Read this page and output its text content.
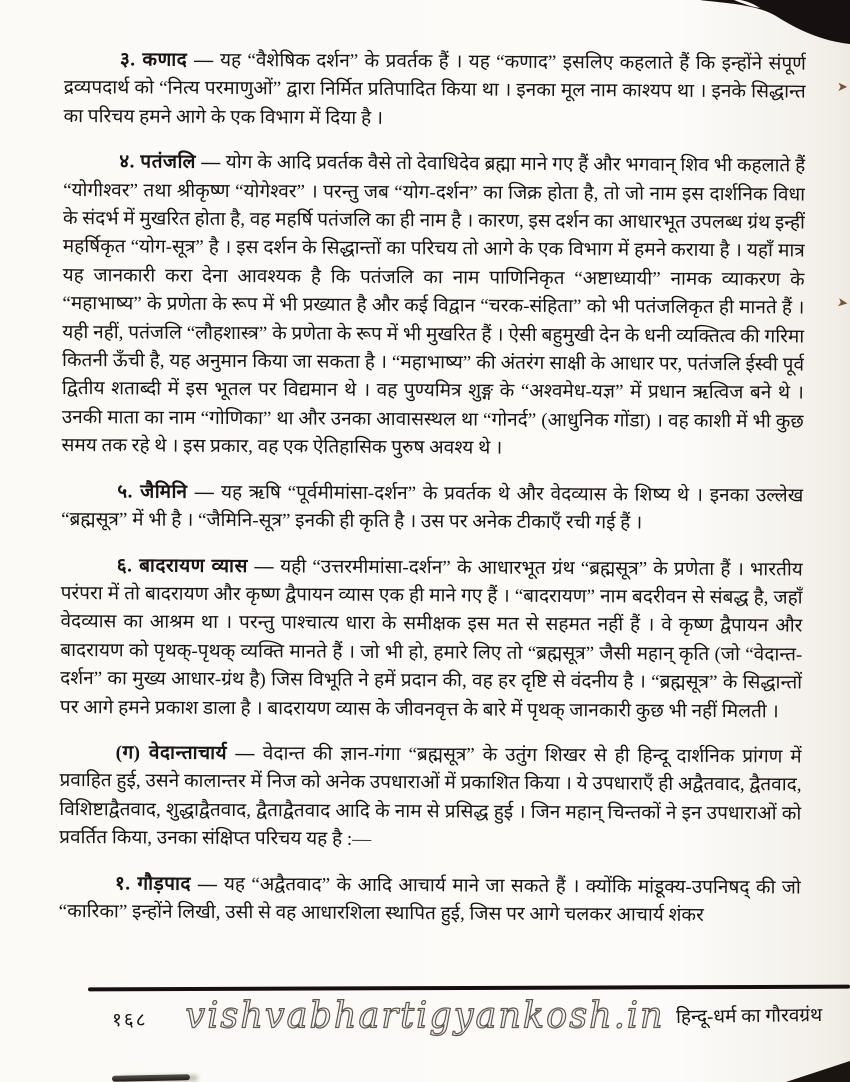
३. कणाद — यह “वैशेषिक दर्शन” के प्रवर्तक हैं । यह “कणाद” इसलिए कहलाते हैं कि इन्होंने संपूर्ण द्रव्यपदार्थ को “नित्य परमाणुओं” द्वारा निर्मित प्रतिपादित किया था । इनका मूल नाम काश्यप था । इनके सिद्धान्त का परिचय हमने आगे के एक विभाग में दिया है ।

४. पतंजलि — योग के आदि प्रवर्तक वैसे तो देवाधिदेव ब्रह्मा माने गए हैं और भगवान् शिव भी कहलाते हैं “योगीश्वर” तथा श्रीकृष्ण “योगेश्वर” । परन्तु जब “योग-दर्शन” का जिक्र होता है, तो जो नाम इस दार्शनिक विधा के संदर्भ में मुखरित होता है, वह महर्षि पतंजलि का ही नाम है । कारण, इस दर्शन का आधारभूत उपलब्ध ग्रंथ इन्हीं महर्षिकृत “योग-सूत्र” है । इस दर्शन के सिद्धान्तों का परिचय तो आगे के एक विभाग में हमने कराया है । यहाँ मात्र यह जानकारी करा देना आवश्यक है कि पतंजलि का नाम पाणिनिकृत “अष्टाध्यायी” नामक व्याकरण के “महाभाष्य” के प्रणेता के रूप में भी प्रख्यात है और कई विद्वान “चरक-संहिता” को भी पतंजलिकृत ही मानते हैं । यही नहीं, पतंजलि “लौहशास्त्र” के प्रणेता के रूप में भी मुखरित हैं । ऐसी बहुमुखी देन के धनी व्यक्तित्व की गरिमा कितनी ऊँची है, यह अनुमान किया जा सकता है । “महाभाष्य” की अंतरंग साक्षी के आधार पर, पतंजलि ईस्वी पूर्व द्वितीय शताब्दी में इस भूतल पर विद्यमान थे । वह पुण्यमित्र शुङ्ग के “अश्वमेध-यज्ञ” में प्रधान ऋत्विज बने थे । उनकी माता का नाम “गोणिका” था और उनका आवासस्थल था “गोनर्द” (आधुनिक गोंडा) । वह काशी में भी कुछ समय तक रहे थे । इस प्रकार, वह एक ऐतिहासिक पुरुष अवश्य थे ।

५. जैमिनि — यह ऋषि “पूर्वमीमांसा-दर्शन” के प्रवर्तक थे और वेदव्यास के शिष्य थे । इनका उल्लेख “ब्रह्मसूत्र” में भी है । “जैमिनि-सूत्र” इनकी ही कृति है । उस पर अनेक टीकाएँ रची गई हैं ।

६. बादरायण व्यास — यही “उत्तरमीमांसा-दर्शन” के आधारभूत ग्रंथ “ब्रह्मसूत्र” के प्रणेता हैं । भारतीय परंपरा में तो बादरायण और कृष्ण द्वैपायन व्यास एक ही माने गए हैं । “बादरायण” नाम बदरीवन से संबद्ध है, जहाँ वेदव्यास का आश्रम था । परन्तु पाश्चात्य धारा के समीक्षक इस मत से सहमत नहीं हैं । वे कृष्ण द्वैपायन और बादरायण को पृथक्-पृथक् व्यक्ति मानते हैं । जो भी हो, हमारे लिए तो “ब्रह्मसूत्र” जैसी महान् कृति (जो “वेदान्त-दर्शन” का मुख्य आधार-ग्रंथ है) जिस विभूति ने हमें प्रदान की, वह हर दृष्टि से वंदनीय है । “ब्रह्मसूत्र” के सिद्धान्तों पर आगे हमने प्रकाश डाला है । बादरायण व्यास के जीवनवृत्त के बारे में पृथक् जानकारी कुछ भी नहीं मिलती ।

(ग) वेदान्ताचार्य — वेदान्त की ज्ञान-गंगा “ब्रह्मसूत्र” के उतुंग शिखर से ही हिन्दू दार्शनिक प्रांगण में प्रवाहित हुई, उसने कालान्तर में निज को अनेक उपधाराओं में प्रकाशित किया । ये उपधाराएँ ही अद्वैतवाद, द्वैतवाद, विशिष्टाद्वैतवाद, शुद्धाद्वैतवाद, द्वैताद्वैतवाद आदि के नाम से प्रसिद्ध हुई । जिन महान् चिन्तकों ने इन उपधाराओं को प्रवर्तित किया, उनका संक्षिप्त परिचय यह है :—

१. गौड़पाद — यह “अद्वैतवाद” के आदि आचार्य माने जा सकते हैं । क्योंकि मांडूक्य-उपनिषद् की जो “कारिका” इन्होंने लिखी, उसी से वह आधारशिला स्थापित हुई, जिस पर आगे चलकर आचार्य शंकर

१६८ vishvabhartigyankosh.in हिन्दू-धर्म का गौरवग्रंथ
➤
➤
